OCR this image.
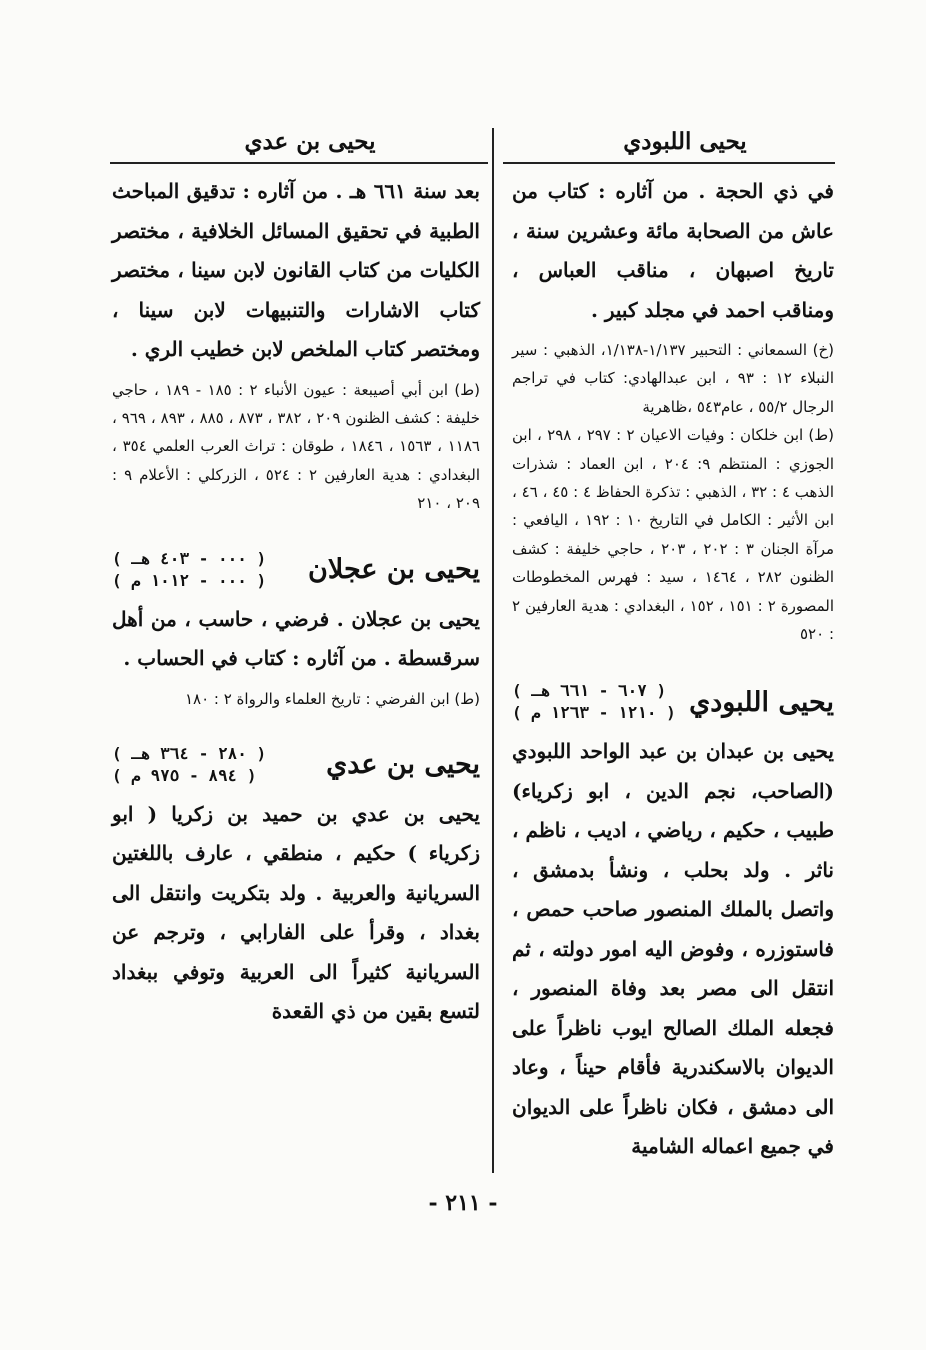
يحيى اللبودي
يحيى بن عدي

في ذي الحجة . من آثاره : كتاب من عاش من الصحابة مائة وعشرين سنة ، تاريخ اصبهان ، مناقب العباس ، ومناقب احمد في مجلد كبير .

(خ) السمعاني : التحبير ١/١٣٧-١/١٣٨، الذهبي : سير النبلاء ١٢ : ٩٣ ، ابن عبدالهادي: كتاب في تراجم الرجال ٥٥/٢ ، عام٥٤٣ ،ظاهرية

(ط) ابن خلكان : وفيات الاعيان ٢ : ٢٩٧ ، ٢٩٨ ، ابن الجوزي : المنتظم ٩: ٢٠٤ ، ابن العماد : شذرات الذهب ٤ : ٣٢ ، الذهبي : تذكرة الحفاظ ٤ : ٤٥ ، ٤٦ ، ابن الأثير : الكامل في التاريخ ١٠ : ١٩٢ ، اليافعي : مرآة الجنان ٣ : ٢٠٢ ، ٢٠٣ ، حاجي خليفة : كشف الظنون ٢٨٢ ، ١٤٦٤ ، سيد : فهرس المخطوطات المصورة ٢ : ١٥١ ، ١٥٢ ، البغدادي : هدية العارفين ٢ : ٥٢٠

يحيى اللبودي
( ٦٠٧ - ٦٦١ هـ )
( ١٢١٠ - ١٢٦٣ م )

يحيى بن عبدان بن عبد الواحد اللبودي (الصاحب، نجم الدين ، ابو زكرياء) طبيب ، حكيم ، رياضي ، اديب ، ناظم ، ناثر . ولد بحلب ، ونشأ بدمشق ، واتصل بالملك المنصور صاحب حمص ، فاستوزره ، وفوض اليه امور دولته ، ثم انتقل الى مصر بعد وفاة المنصور ، فجعله الملك الصالح ايوب ناظراً على الديوان بالاسكندرية فأقام حيناً ، وعاد الى دمشق ، فكان ناظراً على الديوان في جميع اعماله الشامية

بعد سنة ٦٦١ هـ . من آثاره : تدقيق المباحث الطبية في تحقيق المسائل الخلافية ، مختصر الكليات من كتاب القانون لابن سينا ، مختصر كتاب الاشارات والتنبيهات لابن سينا ، ومختصر كتاب الملخص لابن خطيب الري .

(ط) ابن أبي أصيبعة : عيون الأنباء ٢ : ١٨٥ - ١٨٩ ، حاجي خليفة : كشف الظنون ٢٠٩ ، ٣٨٢ ، ٨٧٣ ، ٨٨٥ ، ٨٩٣ ، ٩٦٩ ، ١١٨٦ ، ١٥٦٣ ، ١٨٤٦ ، طوقان : تراث العرب العلمي ٣٥٤ ، البغدادي : هدية العارفين ٢ : ٥٢٤ ، الزركلي : الأعلام ٩ : ٢٠٩ ، ٢١٠

يحيى بن عجلان
( ٠٠٠ - ٤٠٣ هـ )
( ٠٠٠ - ١٠١٢ م )

يحيى بن عجلان . فرضي ، حاسب ، من أهل سرقسطة . من آثاره : كتاب في الحساب .

(ط) ابن الفرضي : تاريخ العلماء والرواة ٢ : ١٨٠

يحيى بن عدي
( ٢٨٠ - ٣٦٤ هـ )
( ٨٩٤ - ٩٧٥ م )

يحيى بن عدي بن حميد بن زكريا ( ابو زكرياء ) حكيم ، منطقي ، عارف باللغتين السريانية والعربية . ولد بتكريت وانتقل الى بغداد ، وقرأ على الفارابي ، وترجم عن السريانية كثيراً الى العربية وتوفي ببغداد لتسع بقين من ذي القعدة

- ٢١١ -
